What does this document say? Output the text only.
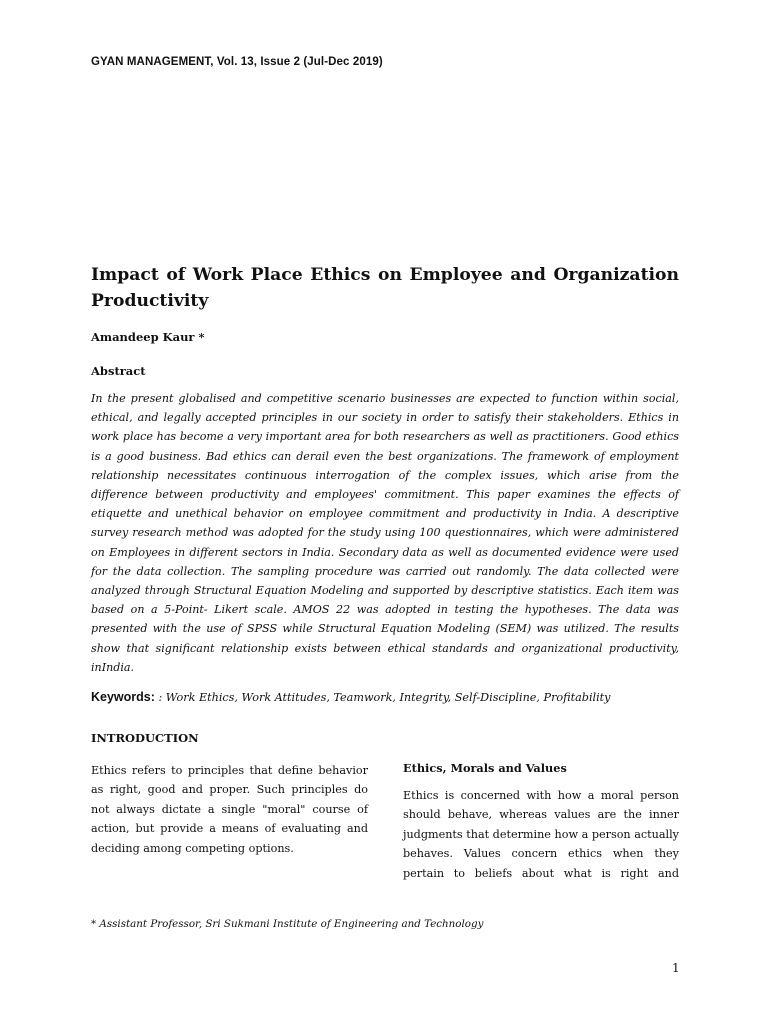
GYAN MANAGEMENT, Vol. 13, Issue 2 (Jul-Dec 2019)
Impact of Work Place Ethics on Employee and Organization Productivity
Amandeep Kaur *
Abstract

In the present globalised and competitive scenario businesses are expected to function within social, ethical, and legally accepted principles in our society in order to satisfy their stakeholders. Ethics in work place has become a very important area for both researchers as well as practitioners. Good ethics is a good business. Bad ethics can derail even the best organizations. The framework of employment relationship necessitates continuous interrogation of the complex issues, which arise from the difference between productivity and employees' commitment. This paper examines the effects of etiquette and unethical behavior on employee commitment and productivity in India. A descriptive survey research method was adopted for the study using 100 questionnaires, which were administered on Employees in different sectors in India. Secondary data as well as documented evidence were used for the data collection. The sampling procedure was carried out randomly. The data collected were analyzed through Structural Equation Modeling and supported by descriptive statistics. Each item was based on a 5-Point- Likert scale. AMOS 22 was adopted in testing the hypotheses. The data was presented with the use of SPSS while Structural Equation Modeling (SEM) was utilized. The results show that significant relationship exists between ethical standards and organizational productivity, inIndia.

Keywords: : Work Ethics, Work Attitudes, Teamwork, Integrity, Self-Discipline, Profitability
INTRODUCTION

Ethics refers to principles that define behavior as right, good and proper. Such principles do not always dictate a single "moral" course of action, but provide a means of evaluating and deciding among competing options.

Ethics, Morals and Values

Ethics is concerned with how a moral person should behave, whereas values are the inner judgments that determine how a person actually behaves. Values concern ethics when they pertain to beliefs about what is right and

* Assistant Professor, Sri Sukmani Institute of Engineering and Technology
1
